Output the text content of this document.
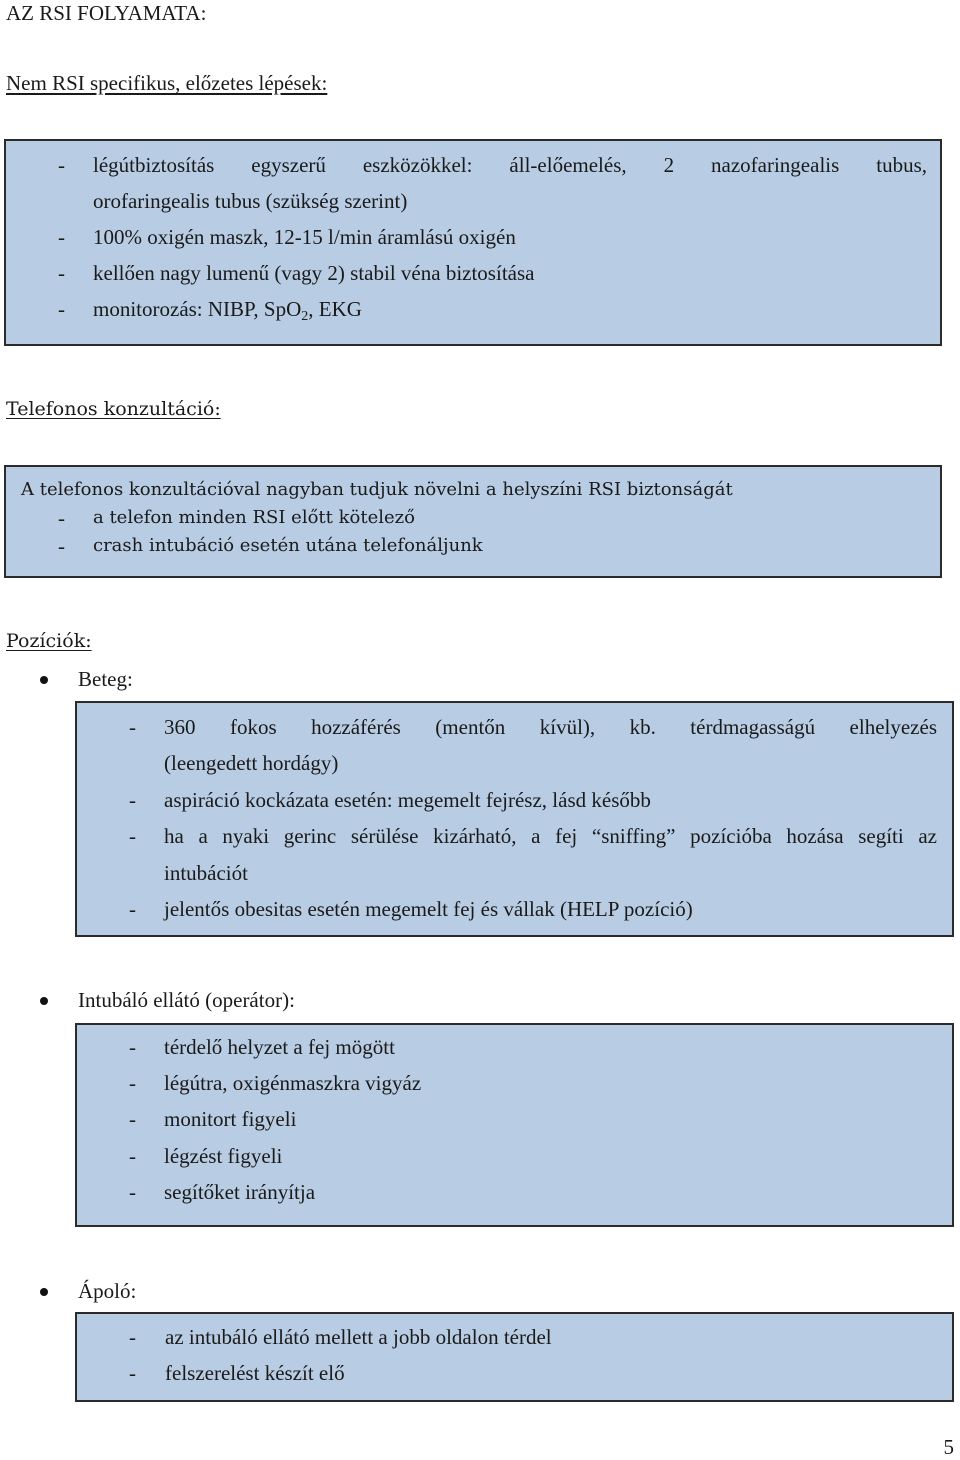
AZ RSI FOLYAMATA:
Nem RSI specifikus, előzetes lépések:
- légútbiztosítás egyszerű eszközökkel: áll-előemelés, 2 nazofaringealis tubus,
orofaringealis tubus (szükség szerint)
- 100% oxigén maszk, 12-15 l/min áramlású oxigén
- kellően nagy lumenű (vagy 2) stabil véna biztosítása
- monitorozás: NIBP, SpO$_2$, EKG
Telefonos konzultáció:
A telefonos konzultációval nagyban tudjuk növelni a helyszíni RSI biztonságát
- a telefon minden RSI előtt kötelező
- crash intubáció esetén utána telefonáljunk
Pozíciók:
Beteg:
- 360 fokos hozzáférés (mentőn kívül), kb. térdmagasságú elhelyezés
(leengedett hordágy)
- aspiráció kockázata esetén: megemelt fejrész, lásd később
- ha a nyaki gerinc sérülése kizárható, a fej “sniffing” pozícióba hozása segíti az
intubációt
- jelentős obesitas esetén megemelt fej és vállak (HELP pozíció)
Intubáló ellátó (operátor):
- térdelő helyzet a fej mögött
- légútra, oxigénmaszkra vigyáz
- monitort figyeli
- légzést figyeli
- segítőket irányítja
Ápoló:
- az intubáló ellátó mellett a jobb oldalon térdel
- felszerelést készít elő
5
